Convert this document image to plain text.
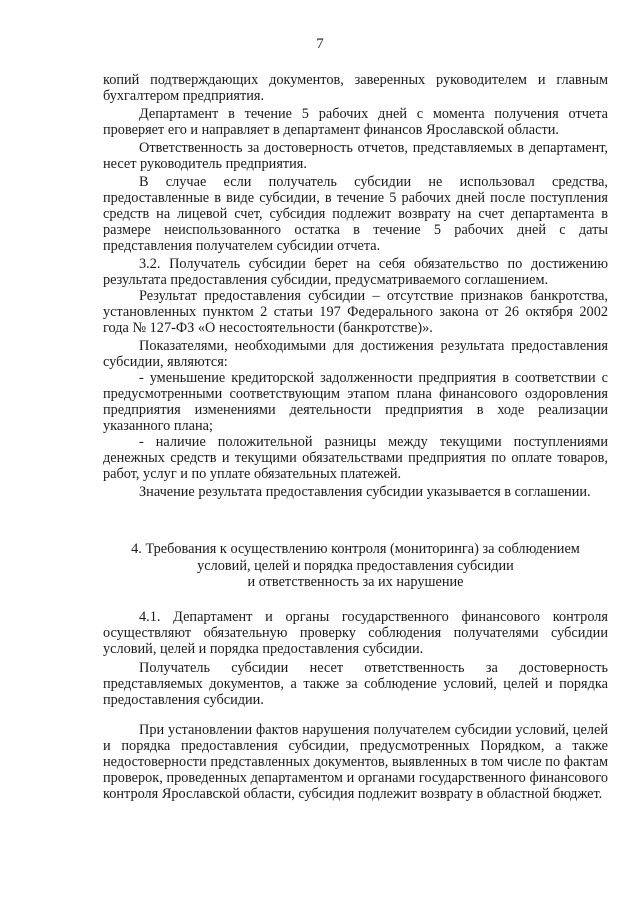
7

копий подтверждающих документов, заверенных руководителем и главным бухгалтером предприятия.

Департамент в течение 5 рабочих дней с момента получения отчета проверяет его и направляет в департамент финансов Ярославской области.

Ответственность за достоверность отчетов, представляемых в департамент, несет руководитель предприятия.

В случае если получатель субсидии не использовал средства, предоставленные в виде субсидии, в течение 5 рабочих дней после поступления средств на лицевой счет, субсидия подлежит возврату на счет департамента в размере неиспользованного остатка в течение 5 рабочих дней с даты представления получателем субсидии отчета.

3.2. Получатель субсидии берет на себя обязательство по достижению результата предоставления субсидии, предусматриваемого соглашением.

Результат предоставления субсидии – отсутствие признаков банкротства, установленных пунктом 2 статьи 197 Федерального закона от 26 октября 2002 года № 127-ФЗ «О несостоятельности (банкротстве)».

Показателями, необходимыми для достижения результата предоставления субсидии, являются:

- уменьшение кредиторской задолженности предприятия в соответствии с предусмотренными соответствующим этапом плана финансового оздоровления предприятия изменениями деятельности предприятия в ходе реализации указанного плана;

- наличие положительной разницы между текущими поступлениями денежных средств и текущими обязательствами предприятия по оплате товаров, работ, услуг и по уплате обязательных платежей.

Значение результата предоставления субсидии указывается в соглашении.

4. Требования к осуществлению контроля (мониторинга) за соблюдением
условий, целей и порядка предоставления субсидии
и ответственность за их нарушение

4.1. Департамент и органы государственного финансового контроля осуществляют обязательную проверку соблюдения получателями субсидии условий, целей и порядка предоставления субсидии.

Получатель субсидии несет ответственность за достоверность представляемых документов, а также за соблюдение условий, целей и порядка предоставления субсидии.

При установлении фактов нарушения получателем субсидии условий, целей и порядка предоставления субсидии, предусмотренных Порядком, а также недостоверности представленных документов, выявленных в том числе по фактам проверок, проведенных департаментом и органами государственного финансового контроля Ярославской области, субсидия подлежит возврату в областной бюджет.
